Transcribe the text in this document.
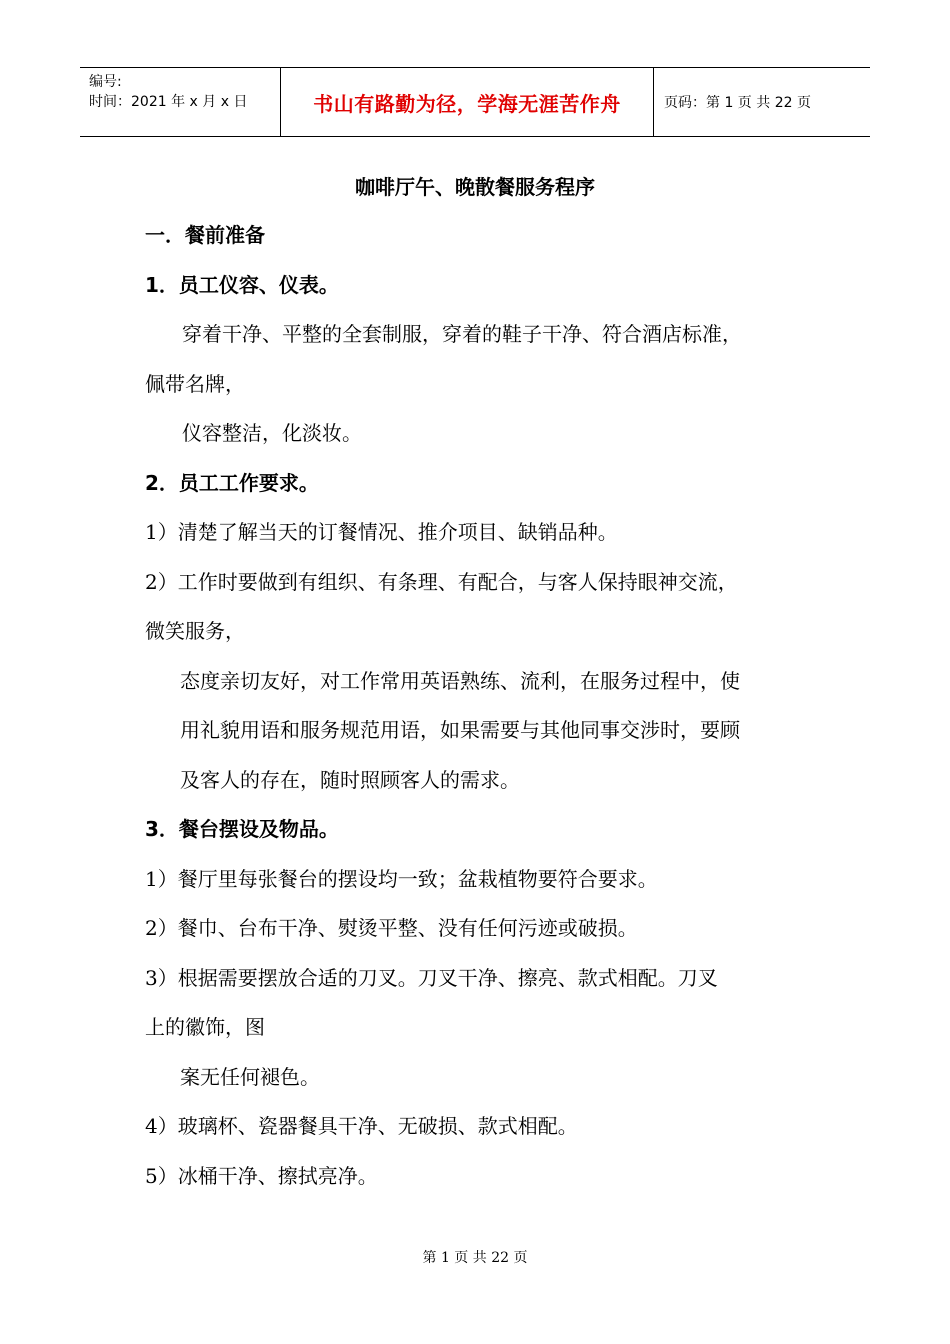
编号:
时间：2021 年 x 月 x 日	书山有路勤为径，学海无涯苦作舟	页码：第 1 页 共 22 页
咖啡厅午、晚散餐服务程序
一．餐前准备
1．员工仪容、仪表。
穿着干净、平整的全套制服，穿着的鞋子干净、符合酒店标准，
佩带名牌，
仪容整洁，化淡妆。
2．员工工作要求。
1）清楚了解当天的订餐情况、推介项目、缺销品种。
2）工作时要做到有组织、有条理、有配合，与客人保持眼神交流，
微笑服务，
态度亲切友好，对工作常用英语熟练、流利，在服务过程中，使
用礼貌用语和服务规范用语，如果需要与其他同事交涉时，要顾
及客人的存在，随时照顾客人的需求。
3．餐台摆设及物品。
1）餐厅里每张餐台的摆设均一致；盆栽植物要符合要求。
2）餐巾、台布干净、熨烫平整、没有任何污迹或破损。
3）根据需要摆放合适的刀叉。刀叉干净、擦亮、款式相配。刀叉
上的徽饰，图
案无任何褪色。
4）玻璃杯、瓷器餐具干净、无破损、款式相配。
5）冰桶干净、擦拭亮净。
第 1 页 共 22 页
